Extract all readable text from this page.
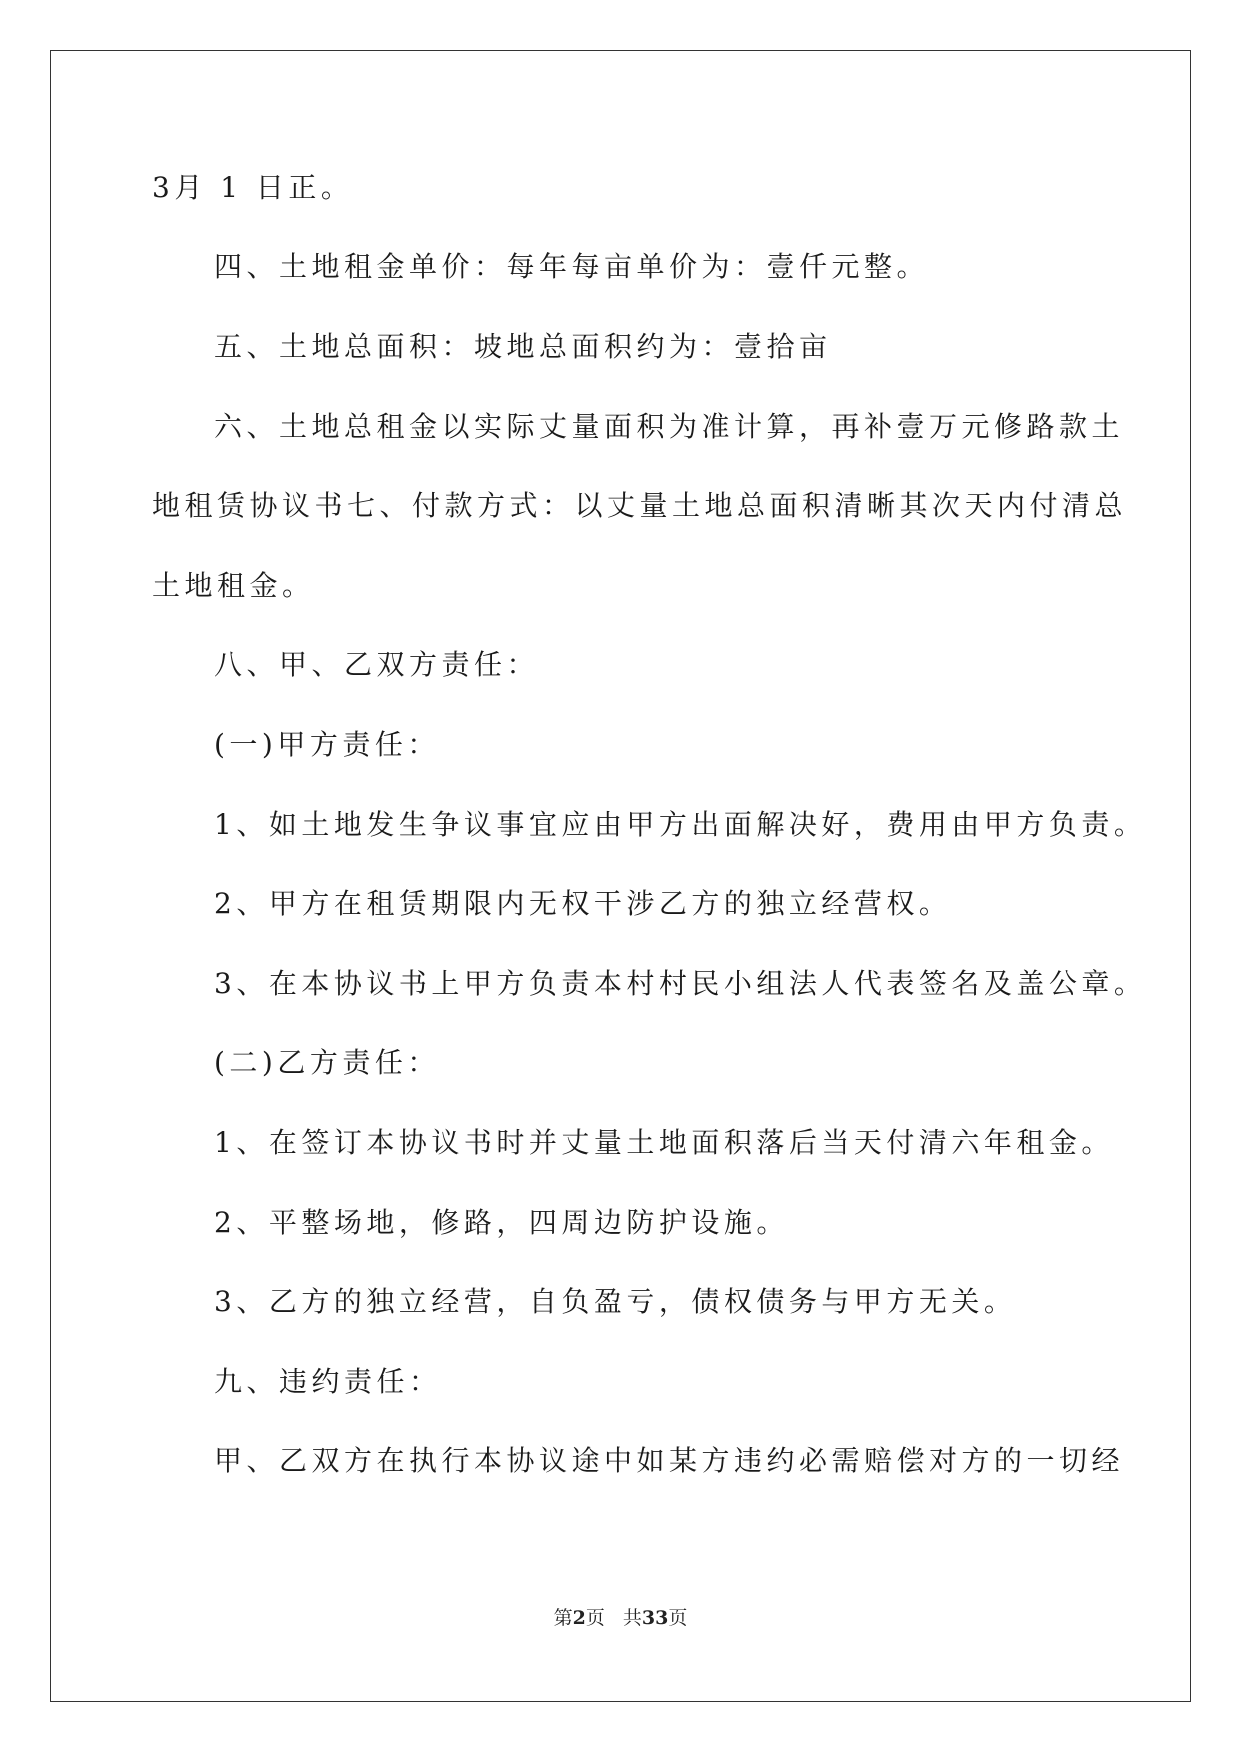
3月 1 日正。
四、土地租金单价：每年每亩单价为：壹仟元整。
五、土地总面积：坡地总面积约为：壹拾亩
六、土地总租金以实际丈量面积为准计算，再补壹万元修路款土
地租赁协议书七、付款方式：以丈量土地总面积清晰其次天内付清总
土地租金。
八、甲、乙双方责任：
(一)甲方责任：
1、如土地发生争议事宜应由甲方出面解决好，费用由甲方负责。
2、甲方在租赁期限内无权干涉乙方的独立经营权。
3、在本协议书上甲方负责本村村民小组法人代表签名及盖公章。
(二)乙方责任：
1、在签订本协议书时并丈量土地面积落后当天付清六年租金。
2、平整场地，修路，四周边防护设施。
3、乙方的独立经营，自负盈亏，债权债务与甲方无关。
九、违约责任：
甲、乙双方在执行本协议途中如某方违约必需赔偿对方的一切经
第2页 共33页
